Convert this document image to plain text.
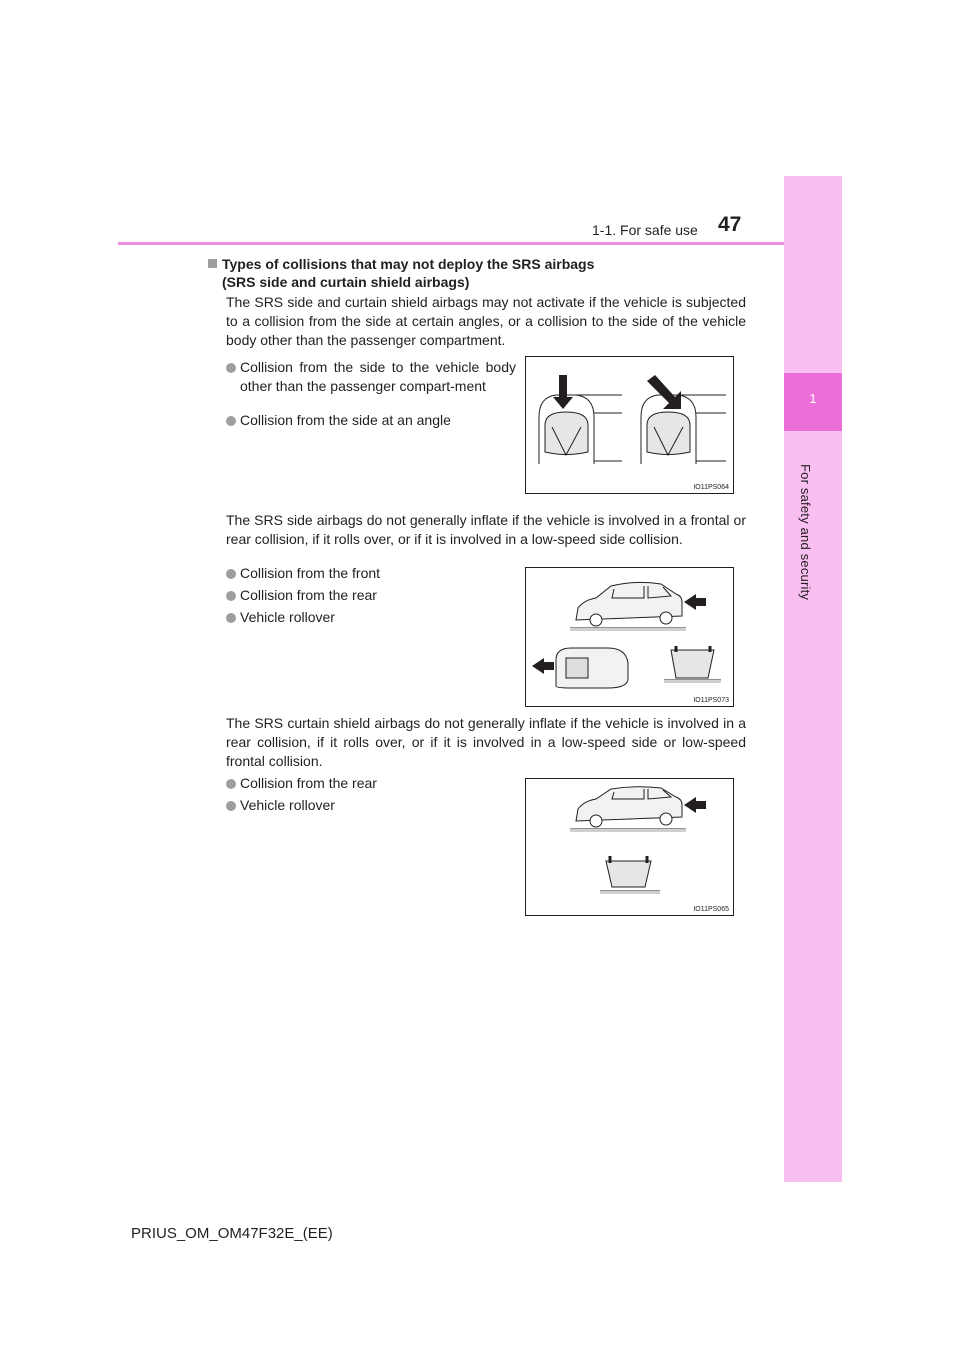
1
For safety and security
1-1. For safe use 47
Types of collisions that may not deploy the SRS airbags
(SRS side and curtain shield airbags)
The SRS side and curtain shield airbags may not activate if the vehicle is subjected to a collision from the side at certain angles, or a collision to the side of the vehicle body other than the passenger compartment.
Collision from the side to the vehicle body other than the passenger compart-ment
Collision from the side at an angle
IO11PS064
The SRS side airbags do not generally inflate if the vehicle is involved in a frontal or rear collision, if it rolls over, or if it is involved in a low-speed side collision.
Collision from the front
Collision from the rear
Vehicle rollover
IO11PS073
The SRS curtain shield airbags do not generally inflate if the vehicle is involved in a rear collision, if it rolls over, or if it is involved in a low-speed side or low-speed frontal collision.
Collision from the rear
Vehicle rollover
IO11PS065
PRIUS_OM_OM47F32E_(EE)
